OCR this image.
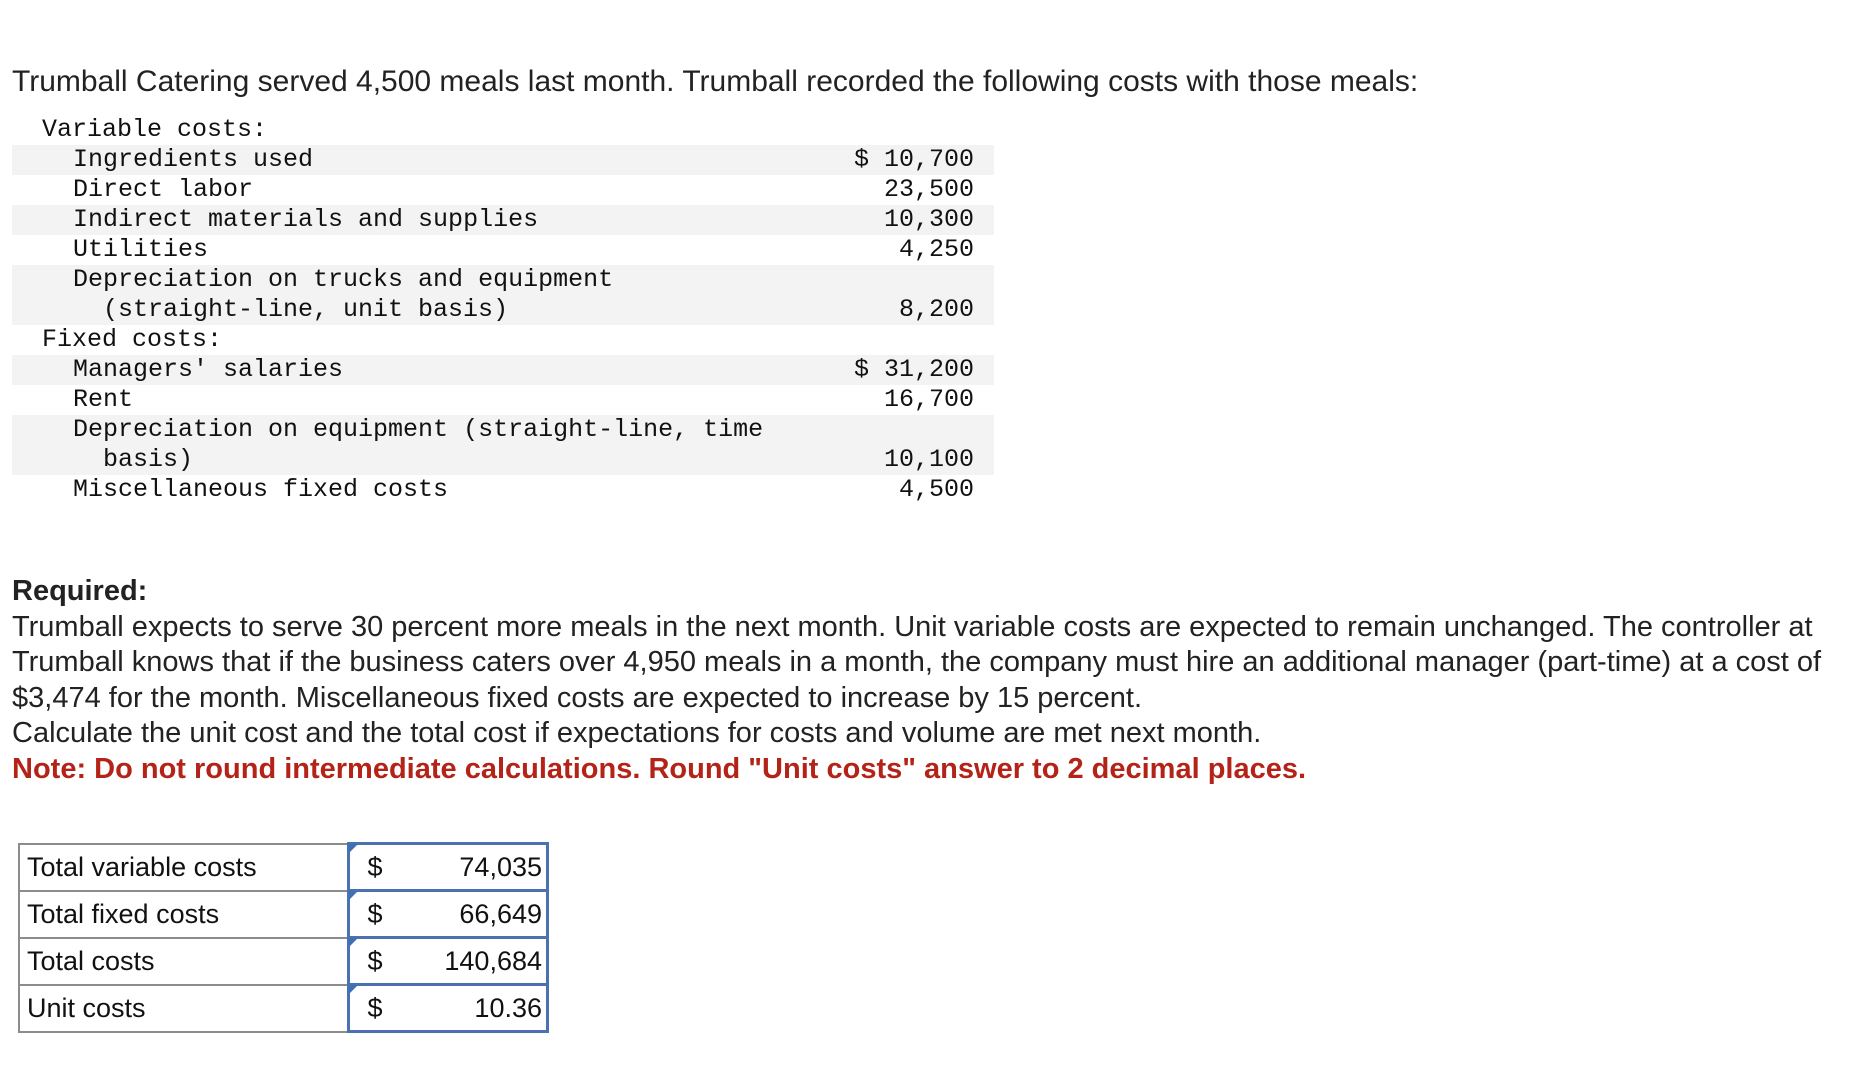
Trumball Catering served 4,500 meals last month. Trumball recorded the following costs with those meals:

Variable costs:
Ingredients used	$ 10,700
Direct labor	23,500
Indirect materials and supplies	10,300
Utilities	4,250
Depreciation on trucks and equipment
(straight-line, unit basis)	8,200
Fixed costs:
Managers' salaries	$ 31,200
Rent	16,700
Depreciation on equipment (straight-line, time
basis)	10,100
Miscellaneous fixed costs	4,500
Required:
Trumball expects to serve 30 percent more meals in the next month. Unit variable costs are expected to remain unchanged. The controller at Trumball knows that if the business caters over 4,950 meals in a month, the company must hire an additional manager (part-time) at a cost of $3,474 for the month. Miscellaneous fixed costs are expected to increase by 15 percent.
Calculate the unit cost and the total cost if expectations for costs and volume are met next month.
Note: Do not round intermediate calculations. Round "Unit costs" answer to 2 decimal places.
Total variable costs	$ 74,035

Total fixed costs	$ 66,649

Total costs	$ 140,684

Unit costs	$ 10.36
